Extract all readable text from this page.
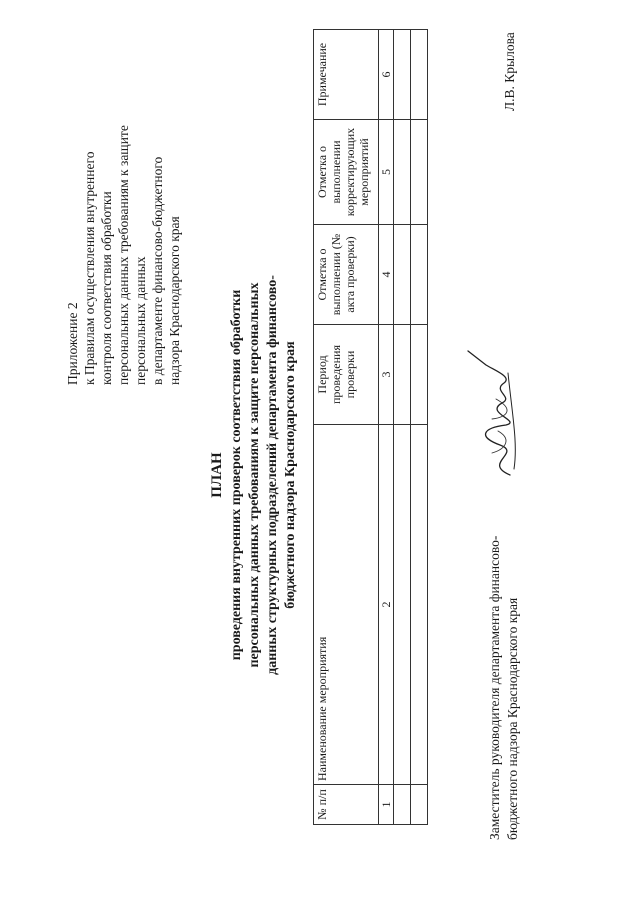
Приложение 2 к Правилам осуществления внутреннего контроля соответствия обработки персональных данных требованиям к защите персональных данных в департаменте финансово-бюджетного надзора Краснодарского края
ПЛАН проведения внутренних проверок соответствия обработки персональных данных требованиям к защите персональных данных структурных подразделений департамента финансово- бюджетного надзора Краснодарского края
№ п/п	Наименование мероприятия	Период проведения проверки	Отметка о выполнении (№ акта проверки)	Отметка о выполнении корректирующих мероприятий	Примечание
1	2	3	4	5	6

Заместитель руководителя департамента финансово- бюджетного надзора Краснодарского края
Л.В. Крылова
